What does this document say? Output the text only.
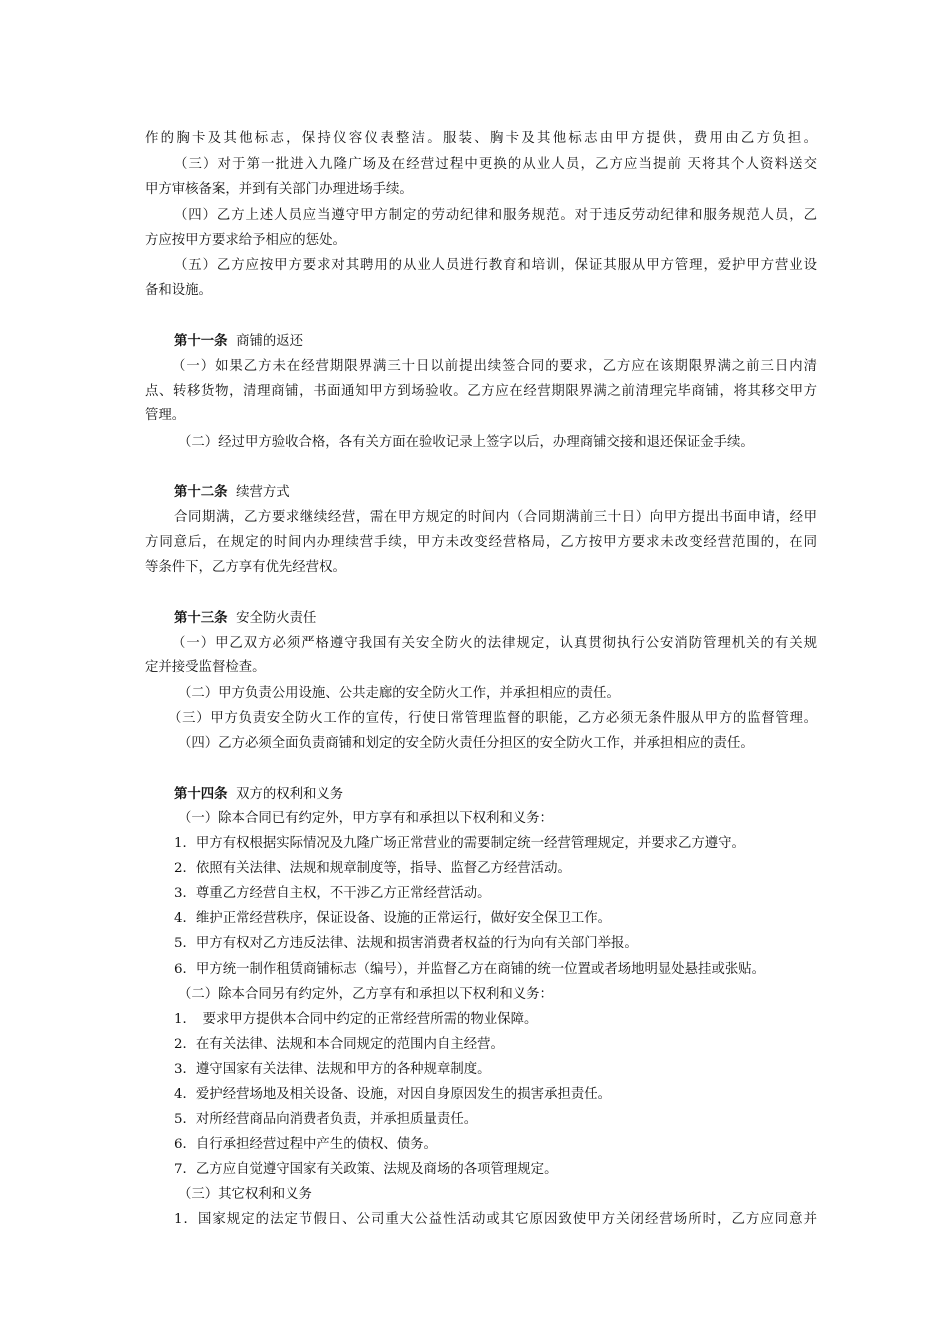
作的胸卡及其他标志，保持仪容仪表整洁。服装、胸卡及其他标志由甲方提供，费用由乙方负担。
（三）对于第一批进入九隆广场及在经营过程中更换的从业人员，乙方应当提前 天将其个人资料送交
甲方审核备案，并到有关部门办理进场手续。
（四）乙方上述人员应当遵守甲方制定的劳动纪律和服务规范。对于违反劳动纪律和服务规范人员，乙
方应按甲方要求给予相应的惩处。
（五）乙方应按甲方要求对其聘用的从业人员进行教育和培训，保证其服从甲方管理，爱护甲方营业设
备和设施。
第十一条 商铺的返还
（一）如果乙方未在经营期限界满三十日以前提出续签合同的要求，乙方应在该期限界满之前三日内清
点、转移货物，清理商铺，书面通知甲方到场验收。乙方应在经营期限界满之前清理完毕商铺，将其移交甲方
管理。
（二）经过甲方验收合格，各有关方面在验收记录上签字以后，办理商铺交接和退还保证金手续。
第十二条 续营方式
合同期满，乙方要求继续经营，需在甲方规定的时间内（合同期满前三十日）向甲方提出书面申请，经甲
方同意后，在规定的时间内办理续营手续，甲方未改变经营格局，乙方按甲方要求未改变经营范围的，在同
等条件下，乙方享有优先经营权。
第十三条 安全防火责任
（一）甲乙双方必须严格遵守我国有关安全防火的法律规定，认真贯彻执行公安消防管理机关的有关规
定并接受监督检查。
（二）甲方负责公用设施、公共走廊的安全防火工作，并承担相应的责任。
（三）甲方负责安全防火工作的宣传，行使日常管理监督的职能，乙方必须无条件服从甲方的监督管理。
（四）乙方必须全面负责商铺和划定的安全防火责任分担区的安全防火工作，并承担相应的责任。
第十四条 双方的权利和义务
（一）除本合同已有约定外，甲方享有和承担以下权利和义务：
1．甲方有权根据实际情况及九隆广场正常营业的需要制定统一经营管理规定，并要求乙方遵守。
2．依照有关法律、法规和规章制度等，指导、监督乙方经营活动。
3．尊重乙方经营自主权，不干涉乙方正常经营活动。
4．维护正常经营秩序，保证设备、设施的正常运行，做好安全保卫工作。
5．甲方有权对乙方违反法律、法规和损害消费者权益的行为向有关部门举报。
6．甲方统一制作租赁商铺标志（编号），并监督乙方在商铺的统一位置或者场地明显处悬挂或张贴。
（二）除本合同另有约定外，乙方享有和承担以下权利和义务：
1．　要求甲方提供本合同中约定的正常经营所需的物业保障。
2．在有关法律、法规和本合同规定的范围内自主经营。
3．遵守国家有关法律、法规和甲方的各种规章制度。
4．爱护经营场地及相关设备、设施，对因自身原因发生的损害承担责任。
5．对所经营商品向消费者负责，并承担质量责任。
6．自行承担经营过程中产生的债权、债务。
7．乙方应自觉遵守国家有关政策、法规及商场的各项管理规定。
（三）其它权利和义务
1．国家规定的法定节假日、公司重大公益性活动或其它原因致使甲方关闭经营场所时，乙方应同意并
